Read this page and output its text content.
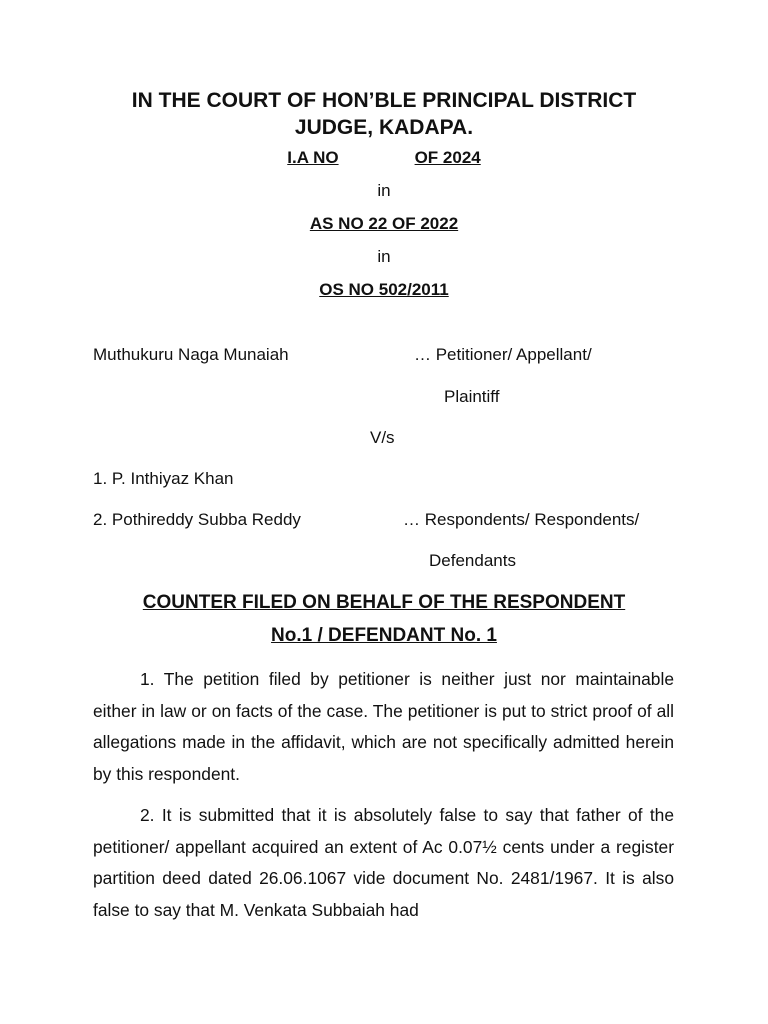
IN THE COURT OF HON’BLE PRINCIPAL DISTRICT
JUDGE, KADAPA.
I.A NO	OF 2024
in
AS NO 22 OF 2022
in
OS NO 502/2011
Muthukuru Naga Munaiah	… Petitioner/ Appellant/
Plaintiff
V/s
1. P. Inthiyaz Khan
2. Pothireddy Subba Reddy	… Respondents/ Respondents/
Defendants
COUNTER FILED ON BEHALF OF THE RESPONDENT
No.1 / DEFENDANT No. 1
1. The petition filed by petitioner is neither just nor maintainable either in law or on facts of the case. The petitioner is put to strict proof of all allegations made in the affidavit, which are not specifically admitted herein by this respondent.
2. It is submitted that it is absolutely false to say that father of the petitioner/ appellant acquired an extent of Ac 0.07½ cents under a register partition deed dated 26.06.1067 vide document No. 2481/1967. It is also false to say that M. Venkata Subbaiah had
